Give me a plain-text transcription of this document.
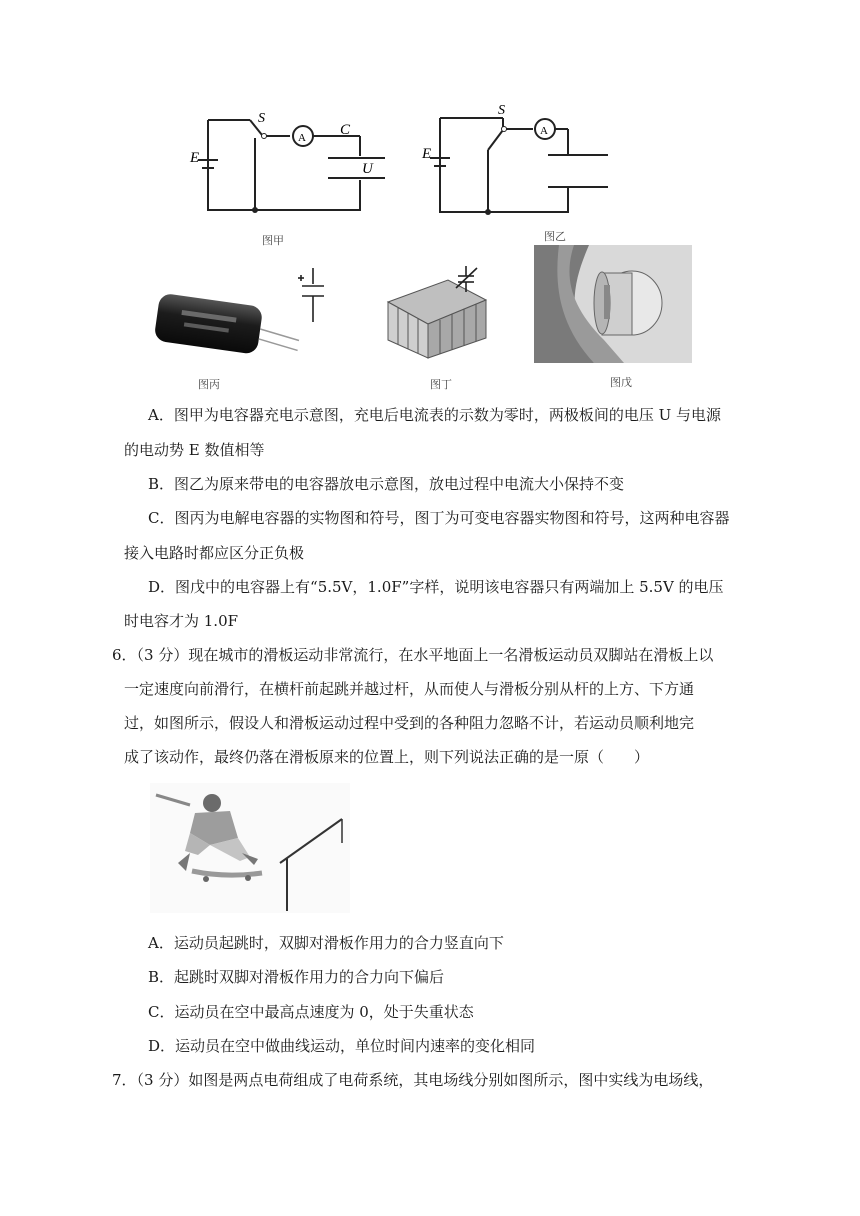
E
S
A C
U
图甲
E
S
A
图乙
图丙	图丁	图戊
A．图甲为电容器充电示意图，充电后电流表的示数为零时，两极板间的电压 U 与电源
的电动势 E 数值相等
B．图乙为原来带电的电容器放电示意图，放电过程中电流大小保持不变
C．图丙为电解电容器的实物图和符号，图丁为可变电容器实物图和符号，这两种电容器
接入电路时都应区分正负极
D．图戊中的电容器上有“5.5V，1.0F”字样，说明该电容器只有两端加上 5.5V 的电压
时电容才为 1.0F
6．（3 分）现在城市的滑板运动非常流行，在水平地面上一名滑板运动员双脚站在滑板上以
一定速度向前滑行，在横杆前起跳并越过杆，从而使人与滑板分别从杆的上方、下方通
过，如图所示，假设人和滑板运动过程中受到的各种阻力忽略不计，若运动员顺利地完
成了该动作，最终仍落在滑板原来的位置上，则下列说法正确的是一原（　　）
A．运动员起跳时，双脚对滑板作用力的合力竖直向下
B．起跳时双脚对滑板作用力的合力向下偏后
C．运动员在空中最高点速度为 0，处于失重状态
D．运动员在空中做曲线运动，单位时间内速率的变化相同
7．（3 分）如图是两点电荷组成了电荷系统，其电场线分别如图所示，图中实线为电场线，
